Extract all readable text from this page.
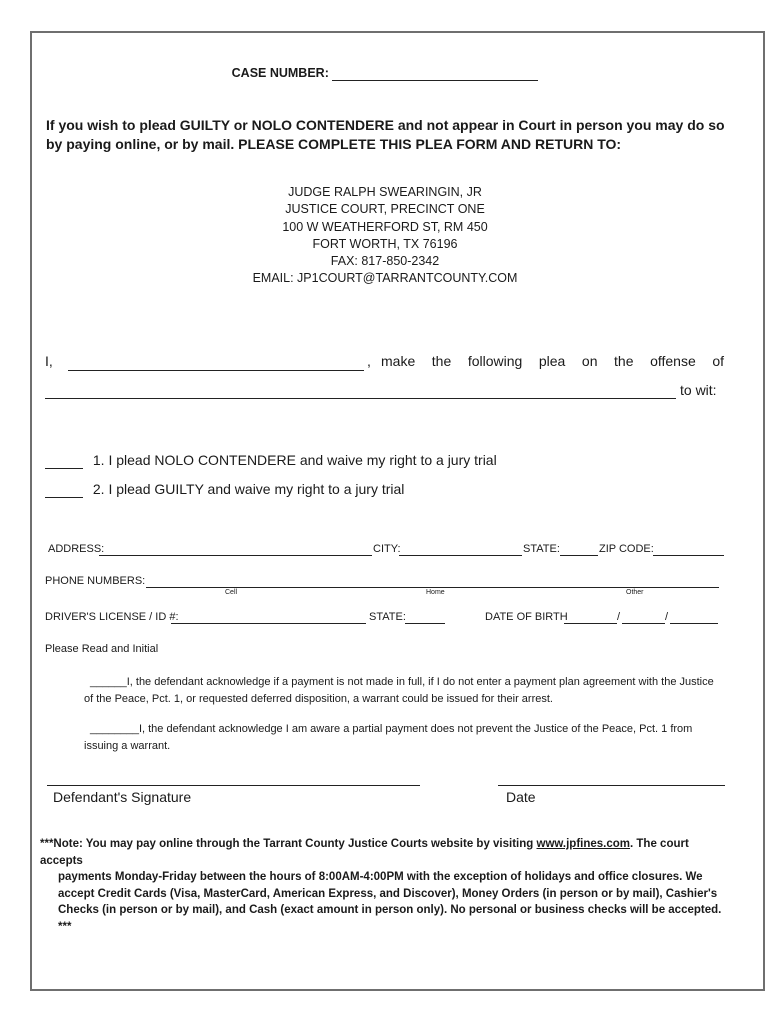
CASE NUMBER:
If you wish to plead GUILTY or NOLO CONTENDERE and not appear in Court in person you may do so by paying online, or by mail. PLEASE COMPLETE THIS PLEA FORM AND RETURN TO:
JUDGE RALPH SWEARINGIN, JR
JUSTICE COURT, PRECINCT ONE
100 W WEATHERFORD ST, RM 450
FORT WORTH, TX 76196
FAX: 817-850-2342
EMAIL: JP1COURT@TARRANTCOUNTY.COM
I,	, make the following plea on the offense of
to wit:
1. I plead NOLO CONTENDERE and waive my right to a jury trial
2. I plead GUILTY and waive my right to a jury trial
ADDRESS:	CITY:	STATE:	ZIP CODE:
PHONE NUMBERS:
Cell	Home	Other
DRIVER'S LICENSE / ID #:	STATE:	DATE OF BIRTH	/	/
Please Read and Initial
______I, the defendant acknowledge if a payment is not made in full, if I do not enter a payment plan agreement with the Justice of the Peace, Pct. 1, or requested deferred disposition, a warrant could be issued for their arrest.
________I, the defendant acknowledge I am aware a partial payment does not prevent the Justice of the Peace, Pct. 1 from issuing a warrant.
Defendant's Signature	Date
***Note: You may pay online through the Tarrant County Justice Courts website by visiting www.jpfines.com. The court accepts
payments Monday-Friday between the hours of 8:00AM-4:00PM with the exception of holidays and office closures. We accept Credit Cards (Visa, MasterCard, American Express, and Discover), Money Orders (in person or by mail), Cashier's Checks (in person or by mail), and Cash (exact amount in person only). No personal or business checks will be accepted. ***
